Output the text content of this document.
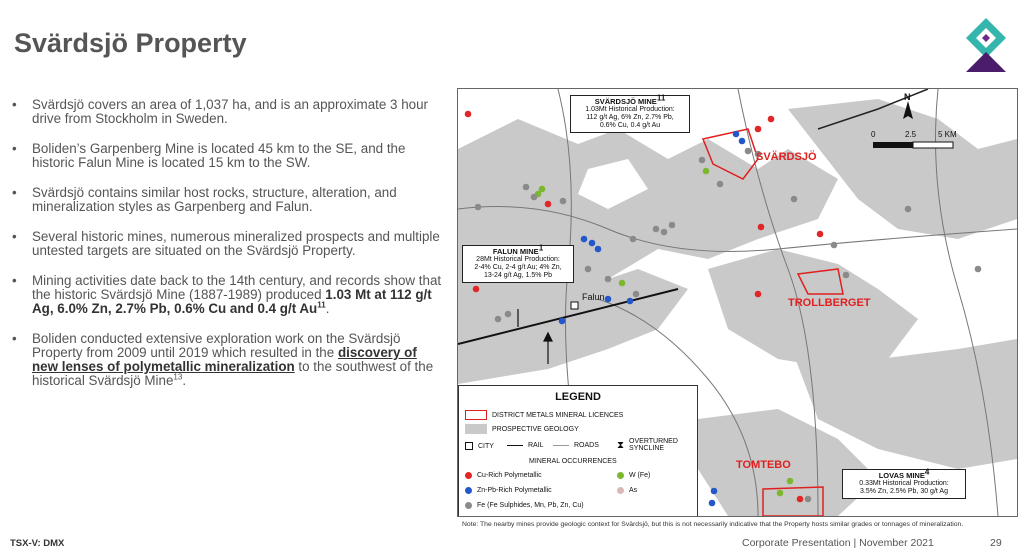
Svärdsjö Property
• Svärdsjö covers an area of 1,037 ha, and is an approximate 3 hour drive from Stockholm in Sweden.
• Boliden’s Garpenberg Mine is located 45 km to the SE, and the historic Falun Mine is located 15 km to the SW.
• Svärdsjö contains similar host rocks, structure, alteration, and mineralization styles as Garpenberg and Falun.
• Several historic mines, numerous mineralized prospects and multiple untested targets are situated on the Svärdsjö Property.
• Mining activities date back to the 14th century, and records show that the historic Svärdsjö Mine (1887-1989) produced 1.03 Mt at 112 g/t Ag, 6.0% Zn, 2.7% Pb, 0.6% Cu and 0.4 g/t Au$^{11}$.
• Boliden conducted extensive exploration work on the Svärdsjö Property from 2009 until 2019 which resulted in the discovery of new lenses of polymetallic mineralization to the southwest of the historical Svärdsjö Mine$^{13}$.
0	2.5	5 KM
N
Falun
SVÄRDSJÖ
TROLLBERGET
TOMTEBO
SVÄRDSJÖ MINE$^{11}$
1.03Mt Historical Production:
112 g/t Ag, 6% Zn, 2.7% Pb,
0.6% Cu, 0.4 g/t Au
FALUN MINE$^1$
28Mt Historical Production:
2-4% Cu, 2-4 g/t Au; 4% Zn,
13-24 g/t Ag, 1.5% Pb
LOVAS MINE$^4$
0.33Mt Historical Production:
3.5% Zn, 2.5% Pb, 30 g/t Ag
LEGEND
DISTRICT METALS MINERAL LICENCES
PROSPECTIVE GEOLOGY
CITY	RAIL	ROADS ⧗ OVERTURNED SYNCLINE
MINERAL OCCURRENCES
Cu-Rich Polymetallic
Zn-Pb-Rich Polymetallic
Fe (Fe Sulphides, Mn, Pb, Zn, Cu)
W (Fe)
As
Note: The nearby mines provide geologic context for Svärdsjö, but this is not necessarily indicative that the Property hosts similar grades or tonnages of mineralization.
TSX-V: DMX	Corporate Presentation | November 2021	29
